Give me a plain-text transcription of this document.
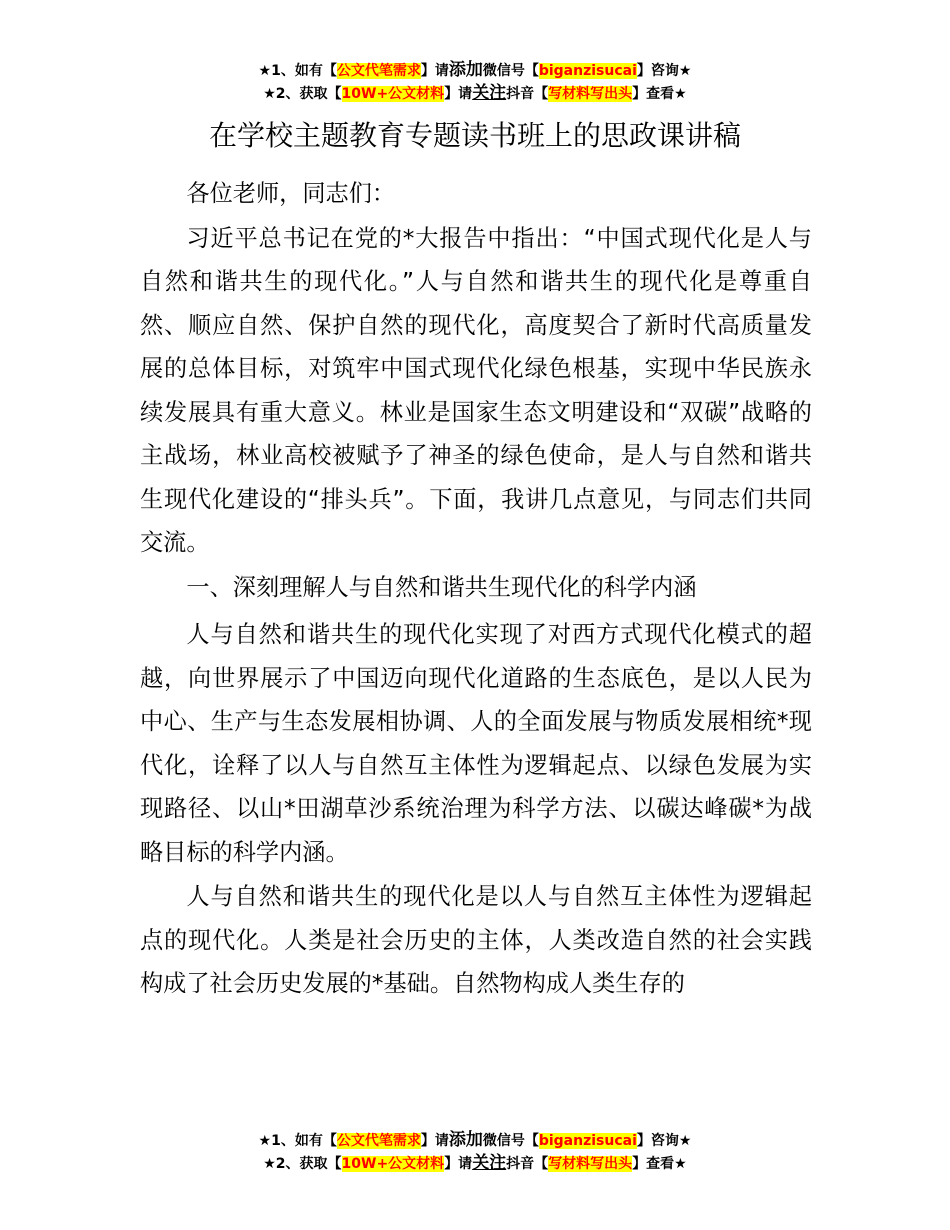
★1、如有【公文代笔需求】请添加微信号【biganzisucai】咨询★
★2、获取【10W+公文材料】请关注抖音【写材料写出头】查看★
在学校主题教育专题读书班上的思政课讲稿

各位老师，同志们：

习近平总书记在党的*大报告中指出：“中国式现代化是人与自然和谐共生的现代化。”人与自然和谐共生的现代化是尊重自然、顺应自然、保护自然的现代化，高度契合了新时代高质量发展的总体目标，对筑牢中国式现代化绿色根基，实现中华民族永续发展具有重大意义。林业是国家生态文明建设和“双碳”战略的主战场，林业高校被赋予了神圣的绿色使命，是人与自然和谐共生现代化建设的“排头兵”。下面，我讲几点意见，与同志们共同交流。

一、深刻理解人与自然和谐共生现代化的科学内涵

人与自然和谐共生的现代化实现了对西方式现代化模式的超越，向世界展示了中国迈向现代化道路的生态底色，是以人民为中心、生产与生态发展相协调、人的全面发展与物质发展相统*现代化，诠释了以人与自然互主体性为逻辑起点、以绿色发展为实现路径、以山*田湖草沙系统治理为科学方法、以碳达峰碳*为战略目标的科学内涵。

人与自然和谐共生的现代化是以人与自然互主体性为逻辑起点的现代化。人类是社会历史的主体，人类改造自然的社会实践构成了社会历史发展的*基础。自然物构成人类生存的

★1、如有【公文代笔需求】请添加微信号【biganzisucai】咨询★
★2、获取【10W+公文材料】请关注抖音【写材料写出头】查看★
